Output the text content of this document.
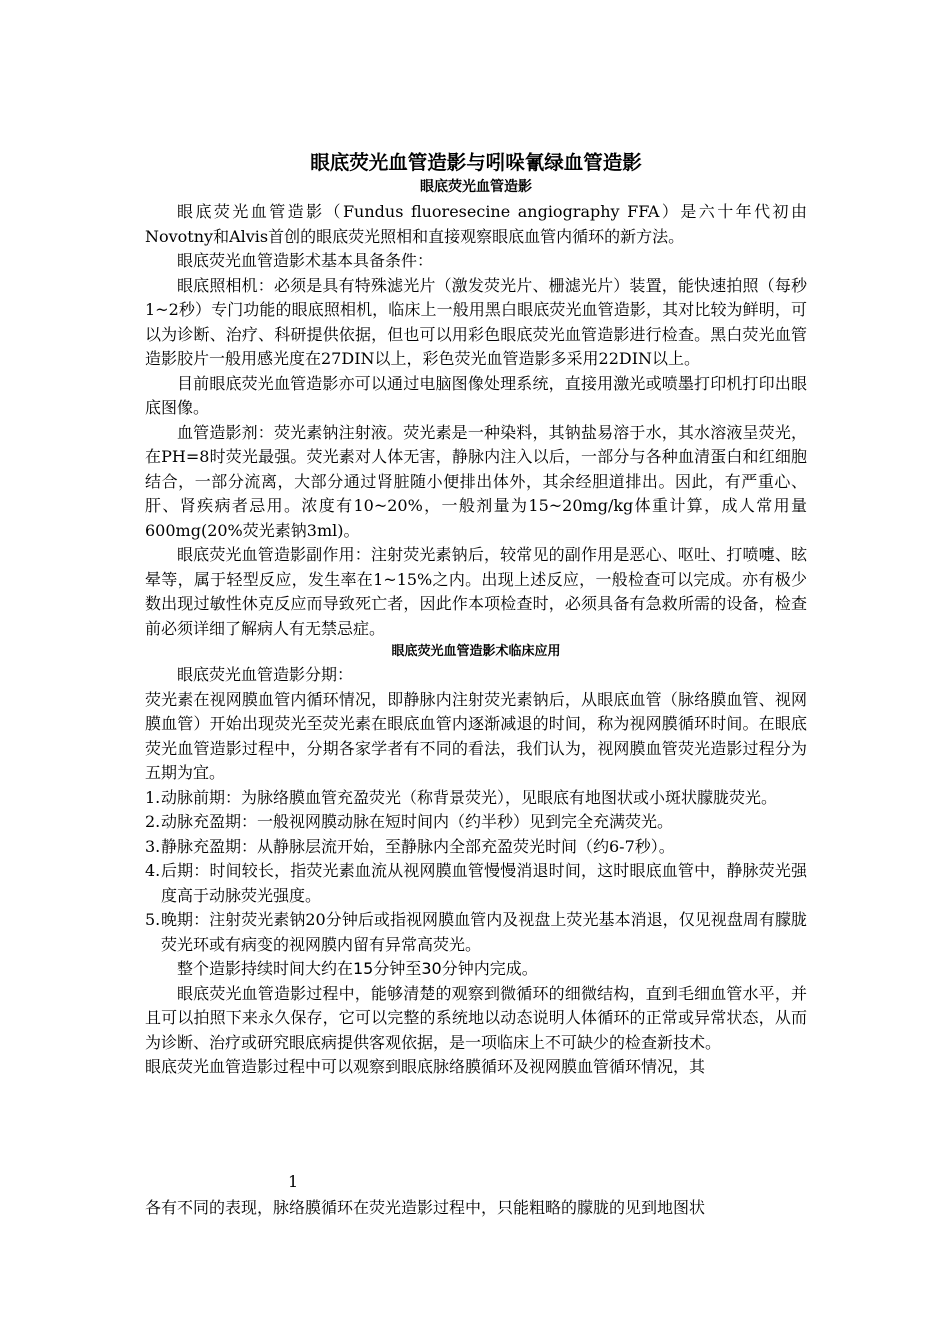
眼底荧光血管造影与吲哚氰绿血管造影
眼底荧光血管造影

眼底荧光血管造影（Fundus fluoresecine angiography FFA）是六十年代初由Novotny和Alvis首创的眼底荧光照相和直接观察眼底血管内循环的新方法。

眼底荧光血管造影术基本具备条件：

眼底照相机：必须是具有特殊滤光片（激发荧光片、栅滤光片）装置，能快速拍照（每秒1~2秒）专门功能的眼底照相机，临床上一般用黑白眼底荧光血管造影，其对比较为鲜明，可以为诊断、治疗、科研提供依据，但也可以用彩色眼底荧光血管造影进行检查。黑白荧光血管造影胶片一般用感光度在27DIN以上，彩色荧光血管造影多采用22DIN以上。

目前眼底荧光血管造影亦可以通过电脑图像处理系统，直接用激光或喷墨打印机打印出眼底图像。

血管造影剂：荧光素钠注射液。荧光素是一种染料，其钠盐易溶于水，其水溶液呈荧光，在PH=8时荧光最强。荧光素对人体无害，静脉内注入以后，一部分与各种血清蛋白和红细胞结合，一部分流离，大部分通过肾脏随小便排出体外，其余经胆道排出。因此，有严重心、肝、肾疾病者忌用。浓度有10~20%，一般剂量为15~20mg/kg体重计算，成人常用量600mg(20%荧光素钠3ml)。

眼底荧光血管造影副作用：注射荧光素钠后，较常见的副作用是恶心、呕吐、打喷嚏、眩晕等，属于轻型反应，发生率在1~15%之内。出现上述反应，一般检查可以完成。亦有极少数出现过敏性休克反应而导致死亡者，因此作本项检查时，必须具备有急救所需的设备，检查前必须详细了解病人有无禁忌症。

眼底荧光血管造影术临床应用

眼底荧光血管造影分期：

荧光素在视网膜血管内循环情况，即静脉内注射荧光素钠后，从眼底血管（脉络膜血管、视网膜血管）开始出现荧光至荧光素在眼底血管内逐渐减退的时间，称为视网膜循环时间。在眼底荧光血管造影过程中，分期各家学者有不同的看法，我们认为，视网膜血管荧光造影过程分为五期为宜。

1. 动脉前期：为脉络膜血管充盈荧光（称背景荧光），见眼底有地图状或小斑状朦胧荧光。
2. 动脉充盈期：一般视网膜动脉在短时间内（约半秒）见到完全充满荧光。
3. 静脉充盈期：从静脉层流开始，至静脉内全部充盈荧光时间（约6-7秒）。
4. 后期：时间较长，指荧光素血流从视网膜血管慢慢消退时间，这时眼底血管中，静脉荧光强度高于动脉荧光强度。
5. 晚期：注射荧光素钠20分钟后或指视网膜血管内及视盘上荧光基本消退，仅见视盘周有朦胧荧光环或有病变的视网膜内留有异常高荧光。

整个造影持续时间大约在15分钟至30分钟内完成。

眼底荧光血管造影过程中，能够清楚的观察到微循环的细微结构，直到毛细血管水平，并且可以拍照下来永久保存，它可以完整的系统地以动态说明人体循环的正常或异常状态，从而为诊断、治疗或研究眼底病提供客观依据，是一项临床上不可缺少的检查新技术。

眼底荧光血管造影过程中可以观察到眼底脉络膜循环及视网膜血管循环情况，其

1
各有不同的表现，脉络膜循环在荧光造影过程中，只能粗略的朦胧的见到地图状
